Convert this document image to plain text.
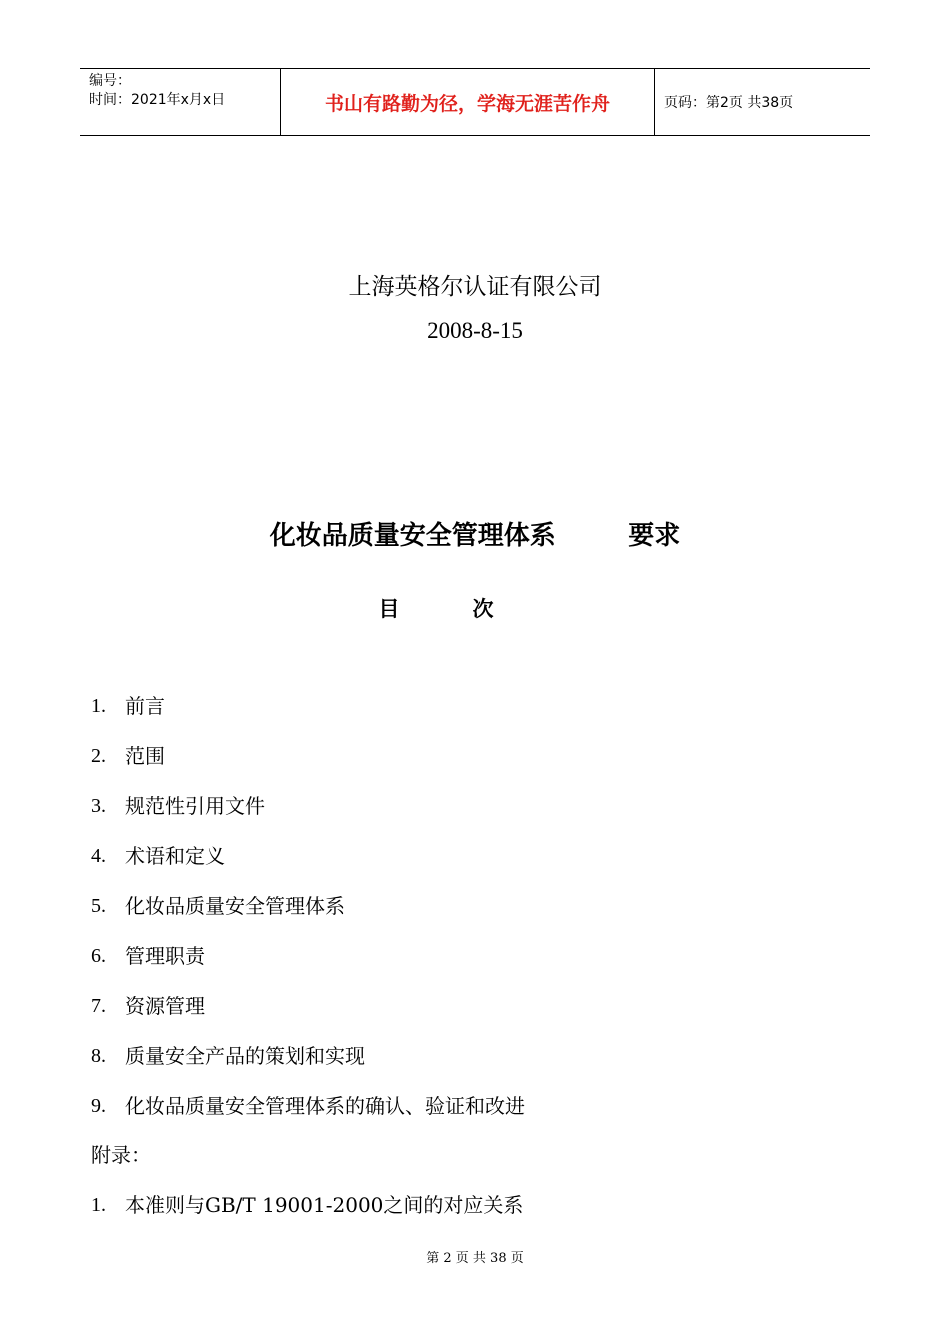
编号：
时间：2021年x月x日	书山有路勤为径，学海无涯苦作舟	页码：第2页 共38页
上海英格尔认证有限公司
2008-8-15
化妆品质量安全管理体系        要求
目          次
1. 前言
2. 范围
3. 规范性引用文件
4. 术语和定义
5. 化妆品质量安全管理体系
6. 管理职责
7. 资源管理
8. 质量安全产品的策划和实现
9. 化妆品质量安全管理体系的确认、验证和改进
附录：
1. 本准则与GB/T 19001-2000之间的对应关系
第 2 页 共 38 页
